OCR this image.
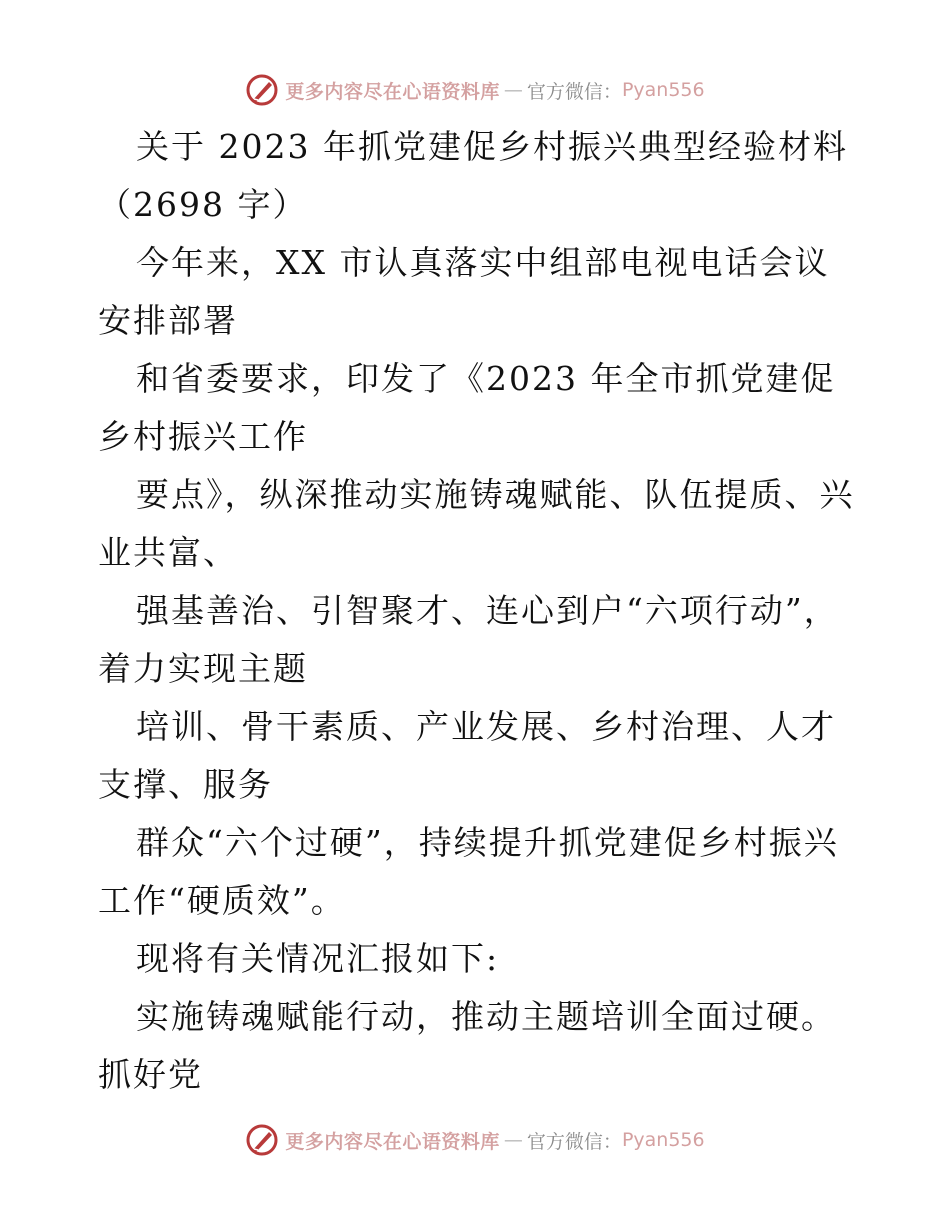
更多内容尽在心语资料库 — 官方微信： Pyan556

关于 2023 年抓党建促乡村振兴典型经验材料（2698 字）

今年来，XX 市认真落实中组部电视电话会议安排部署

和省委要求，印发了《2023 年全市抓党建促乡村振兴工作

要点》，纵深推动实施铸魂赋能、队伍提质、兴业共富、

强基善治、引智聚才、连心到户“六项行动”，着力实现主题

培训、骨干素质、产业发展、乡村治理、人才支撑、服务

群众“六个过硬”，持续提升抓党建促乡村振兴工作“硬质效”。

现将有关情况汇报如下:

实施铸魂赋能行动，推动主题培训全面过硬。抓好党

更多内容尽在心语资料库 — 官方微信： Pyan556
